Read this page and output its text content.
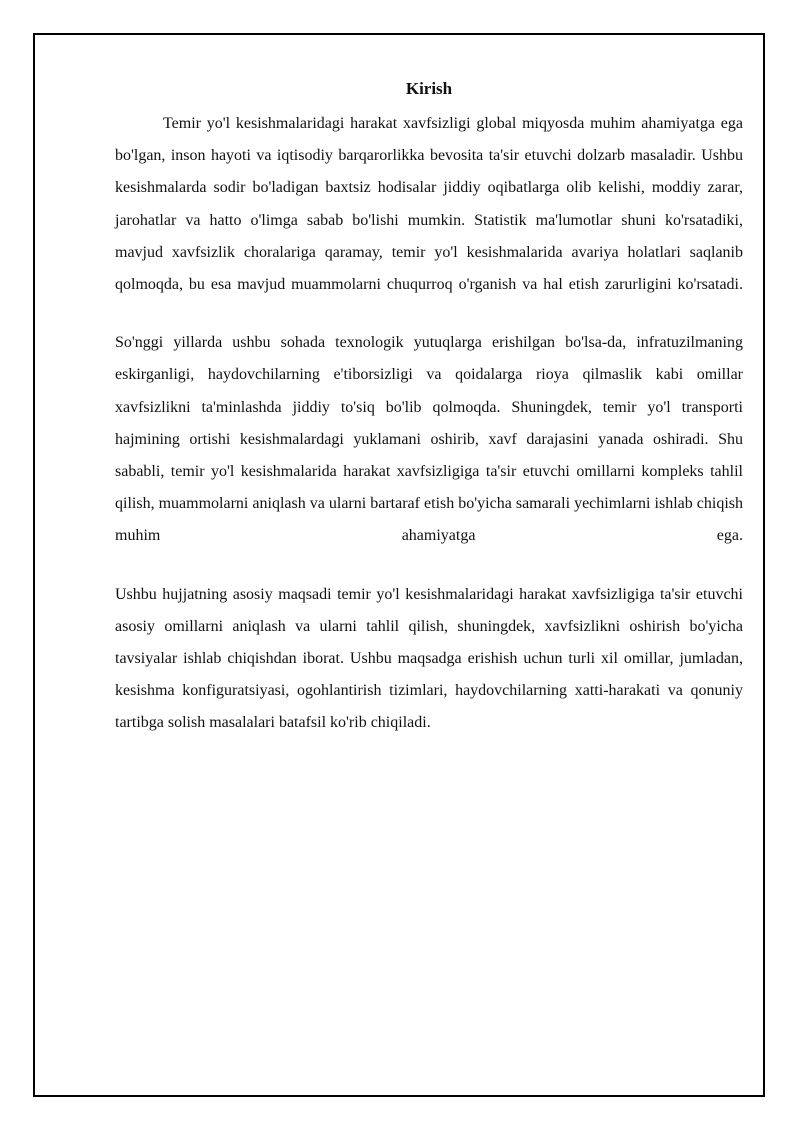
Kirish

Temir yo'l kesishmalaridagi harakat xavfsizligi global miqyosda muhim ahamiyatga ega bo'lgan, inson hayoti va iqtisodiy barqarorlikka bevosita ta'sir etuvchi dolzarb masaladir. Ushbu kesishmalarda sodir bo'ladigan baxtsiz hodisalar jiddiy oqibatlarga olib kelishi, moddiy zarar, jarohatlar va hatto o'limga sabab bo'lishi mumkin. Statistik ma'lumotlar shuni ko'rsatadiki, mavjud xavfsizlik choralariga qaramay, temir yo'l kesishmalarida avariya holatlari saqlanib qolmoqda, bu esa mavjud muammolarni chuqurroq o'rganish va hal etish zarurligini ko'rsatadi.

So'nggi yillarda ushbu sohada texnologik yutuqlarga erishilgan bo'lsa-da, infratuzilmaning eskirganligi, haydovchilarning e'tiborsizligi va qoidalarga rioya qilmaslik kabi omillar xavfsizlikni ta'minlashda jiddiy to'siq bo'lib qolmoqda. Shuningdek, temir yo'l transporti hajmining ortishi kesishmalardagi yuklamani oshirib, xavf darajasini yanada oshiradi. Shu sababli, temir yo'l kesishmalarida harakat xavfsizligiga ta'sir etuvchi omillarni kompleks tahlil qilish, muammolarni aniqlash va ularni bartaraf etish bo'yicha samarali yechimlarni ishlab chiqish muhim ahamiyatga ega.

Ushbu hujjatning asosiy maqsadi temir yo'l kesishmalaridagi harakat xavfsizligiga ta'sir etuvchi asosiy omillarni aniqlash va ularni tahlil qilish, shuningdek, xavfsizlikni oshirish bo'yicha tavsiyalar ishlab chiqishdan iborat. Ushbu maqsadga erishish uchun turli xil omillar, jumladan, kesishma konfiguratsiyasi, ogohlantirish tizimlari, haydovchilarning xatti-harakati va qonuniy tartibga solish masalalari batafsil ko'rib chiqiladi.
